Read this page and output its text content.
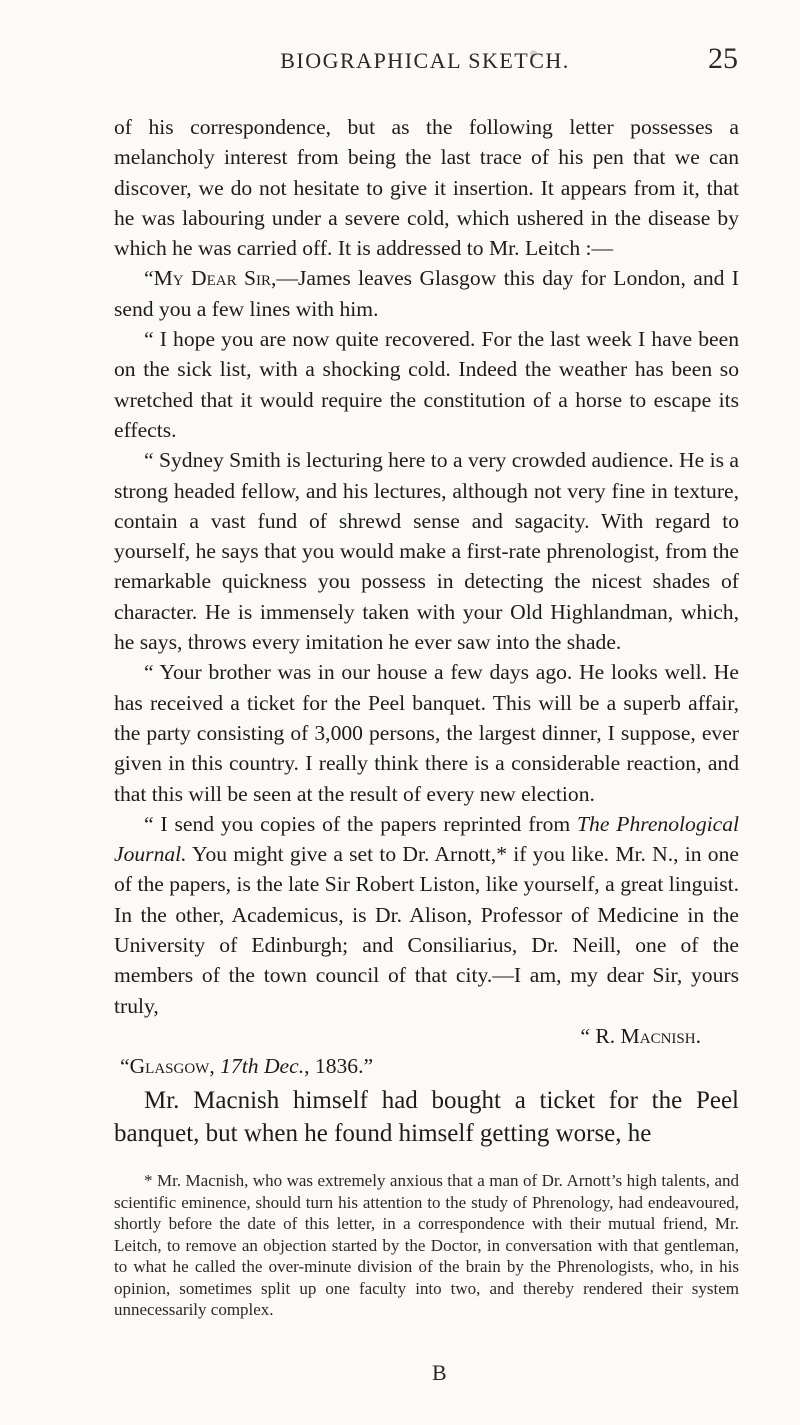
BIOGRAPHICAL SKETCH.	25

of his correspondence, but as the following letter possesses a melancholy interest from being the last trace of his pen that we can discover, we do not hesitate to give it insertion. It appears from it, that he was labouring under a severe cold, which ushered in the disease by which he was carried off. It is addressed to Mr. Leitch :—

“My Dear Sir,—James leaves Glasgow this day for London, and I send you a few lines with him.

“ I hope you are now quite recovered. For the last week I have been on the sick list, with a shocking cold. Indeed the weather has been so wretched that it would require the constitution of a horse to escape its effects.

“ Sydney Smith is lecturing here to a very crowded audience. He is a strong headed fellow, and his lectures, although not very fine in texture, contain a vast fund of shrewd sense and sagacity. With regard to yourself, he says that you would make a first-rate phrenologist, from the remarkable quickness you possess in detecting the nicest shades of character. He is immensely taken with your Old Highlandman, which, he says, throws every imitation he ever saw into the shade.

“ Your brother was in our house a few days ago. He looks well. He has received a ticket for the Peel banquet. This will be a superb affair, the party consisting of 3,000 persons, the largest dinner, I suppose, ever given in this country. I really think there is a considerable reaction, and that this will be seen at the result of every new election.

“ I send you copies of the papers reprinted from The Phrenological Journal. You might give a set to Dr. Arnott,* if you like. Mr. N., in one of the papers, is the late Sir Robert Liston, like yourself, a great linguist. In the other, Academicus, is Dr. Alison, Professor of Medicine in the University of Edinburgh; and Consiliarius, Dr. Neill, one of the members of the town council of that city.—I am, my dear Sir, yours truly,

“ R. Macnish.

“Glasgow, 17th Dec., 1836.”

Mr. Macnish himself had bought a ticket for the Peel banquet, but when he found himself getting worse, he

* Mr. Macnish, who was extremely anxious that a man of Dr. Arnott’s high talents, and scientific eminence, should turn his attention to the study of Phrenology, had endeavoured, shortly before the date of this letter, in a correspondence with their mutual friend, Mr. Leitch, to remove an objection started by the Doctor, in conversation with that gentleman, to what he called the over-minute division of the brain by the Phrenologists, who, in his opinion, sometimes split up one faculty into two, and thereby rendered their system unnecessarily complex.

B
